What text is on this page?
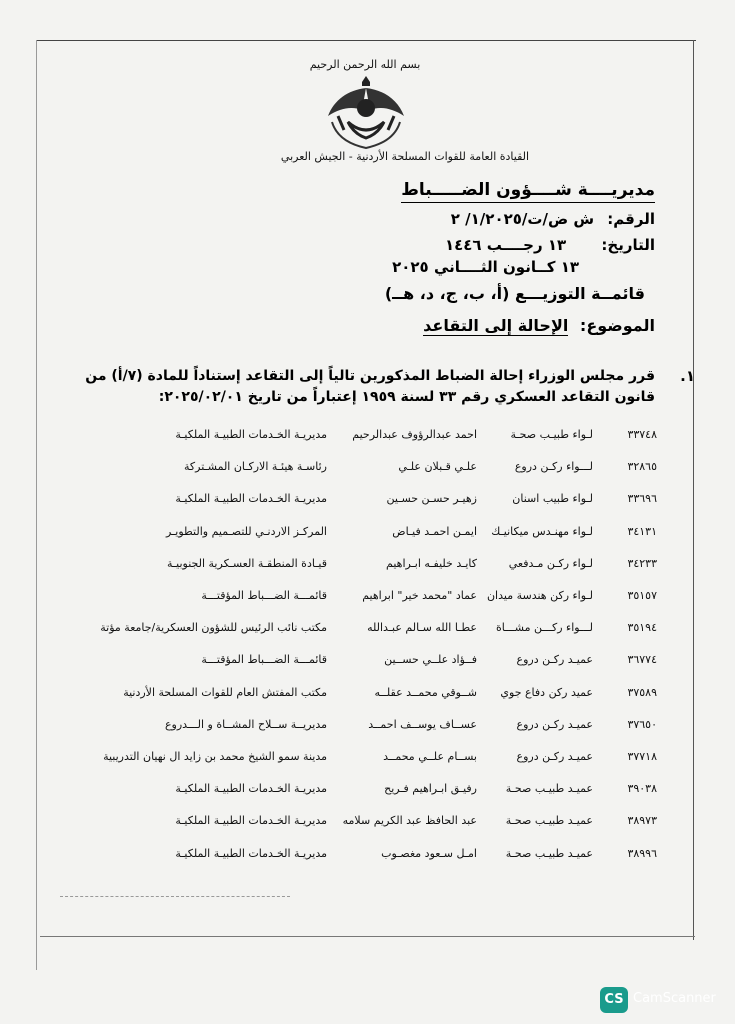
بسم الله الرحمن الرحيم
القيادة العامة للقوات المسلحة الأردنية - الجيش العربي
مديريــــة شــــؤون الضـــــباط
الرقم: ش ض/ت/١/٢٠٢٥/ ٢
التاريخ: ١٣ رجــــب ١٤٤٦
١٣ كــانون الثــــاني ٢٠٢٥
قائمــة التوزيـــع (أ، ب، ج، د، هــ)
الموضوع: الإحالة إلى التقاعد
١.
قرر مجلس الوزراء إحالة الضباط المذكورين تالياً إلى التقاعد إستناداً للمادة (٧/أ) من قانون التقاعد العسكري رقم ٣٣ لسنة ١٩٥٩ إعتباراً من تاريخ ٢٠٢٥/٠٢/٠١:
٣٣٧٤٨
لـواء طبيـب صحـة
احمد عبدالرؤوف عبدالرحيم
مديريـة الخـدمات الطبيـة الملكيـة
٣٢٨٦٥
لـــواء ركـن دروع
علـي قـبلان علـي
رئاسـة هيئـة الاركـان المشـتركة
٣٣٦٩٦
لـواء طبيب اسنان
زهيـر حسـن حسـين
مديريـة الخـدمات الطبيـة الملكيـة
٣٤١٣١
لـواء مهنـدس ميكانيـك
ايمـن احمـد فيـاض
المركـز الاردنـي للتصـميم والتطويـر
٣٤٢٣٣
لـواء ركـن مـدفعي
كايـد خليفـه ابـراهيم
قيـادة المنطقـة العسـكرية الجنوبيـة
٣٥١٥٧
لـواء ركن هندسة ميدان
عماد "محمد خير" ابراهيم
قائمـــة الضـــباط المؤقتـــة
٣٥١٩٤
لـــواء ركـــن مشـــاة
عطـا الله سـالم عبـدالله
مكتب نائب الرئيس للشؤون العسكرية/جامعة مؤتة
٣٦٧٧٤
عميـد ركـن دروع
فــؤاد علــي حســين
قائمـــة الضـــباط المؤقتـــة
٣٧٥٨٩
عميد ركن دفاع جوي
شــوقي محمــد عقلــه
مكتب المفتش العام للقوات المسلحة الأردنية
٣٧٦٥٠
عميـد ركـن دروع
عســاف يوســف احمــد
مديريــة ســلاح المشــاة و الـــدروع
٣٧٧١٨
عميـد ركـن دروع
بســام علــي محمــد
مدينة سمو الشيخ محمد بن زايد ال نهيان التدريبية
٣٩٠٣٨
عميـد طبيـب صحـة
رفيـق ابـراهيم فـريح
مديريـة الخـدمات الطبيـة الملكيـة
٣٨٩٧٣
عميـد طبيـب صحـة
عبد الحافظ عبد الكريم سلامه
مديريـة الخـدمات الطبيـة الملكيـة
٣٨٩٩٦
عميـد طبيـب صحـة
امـل سـعود مغصـوب
مديريـة الخـدمات الطبيـة الملكيـة
CS CamScanner
